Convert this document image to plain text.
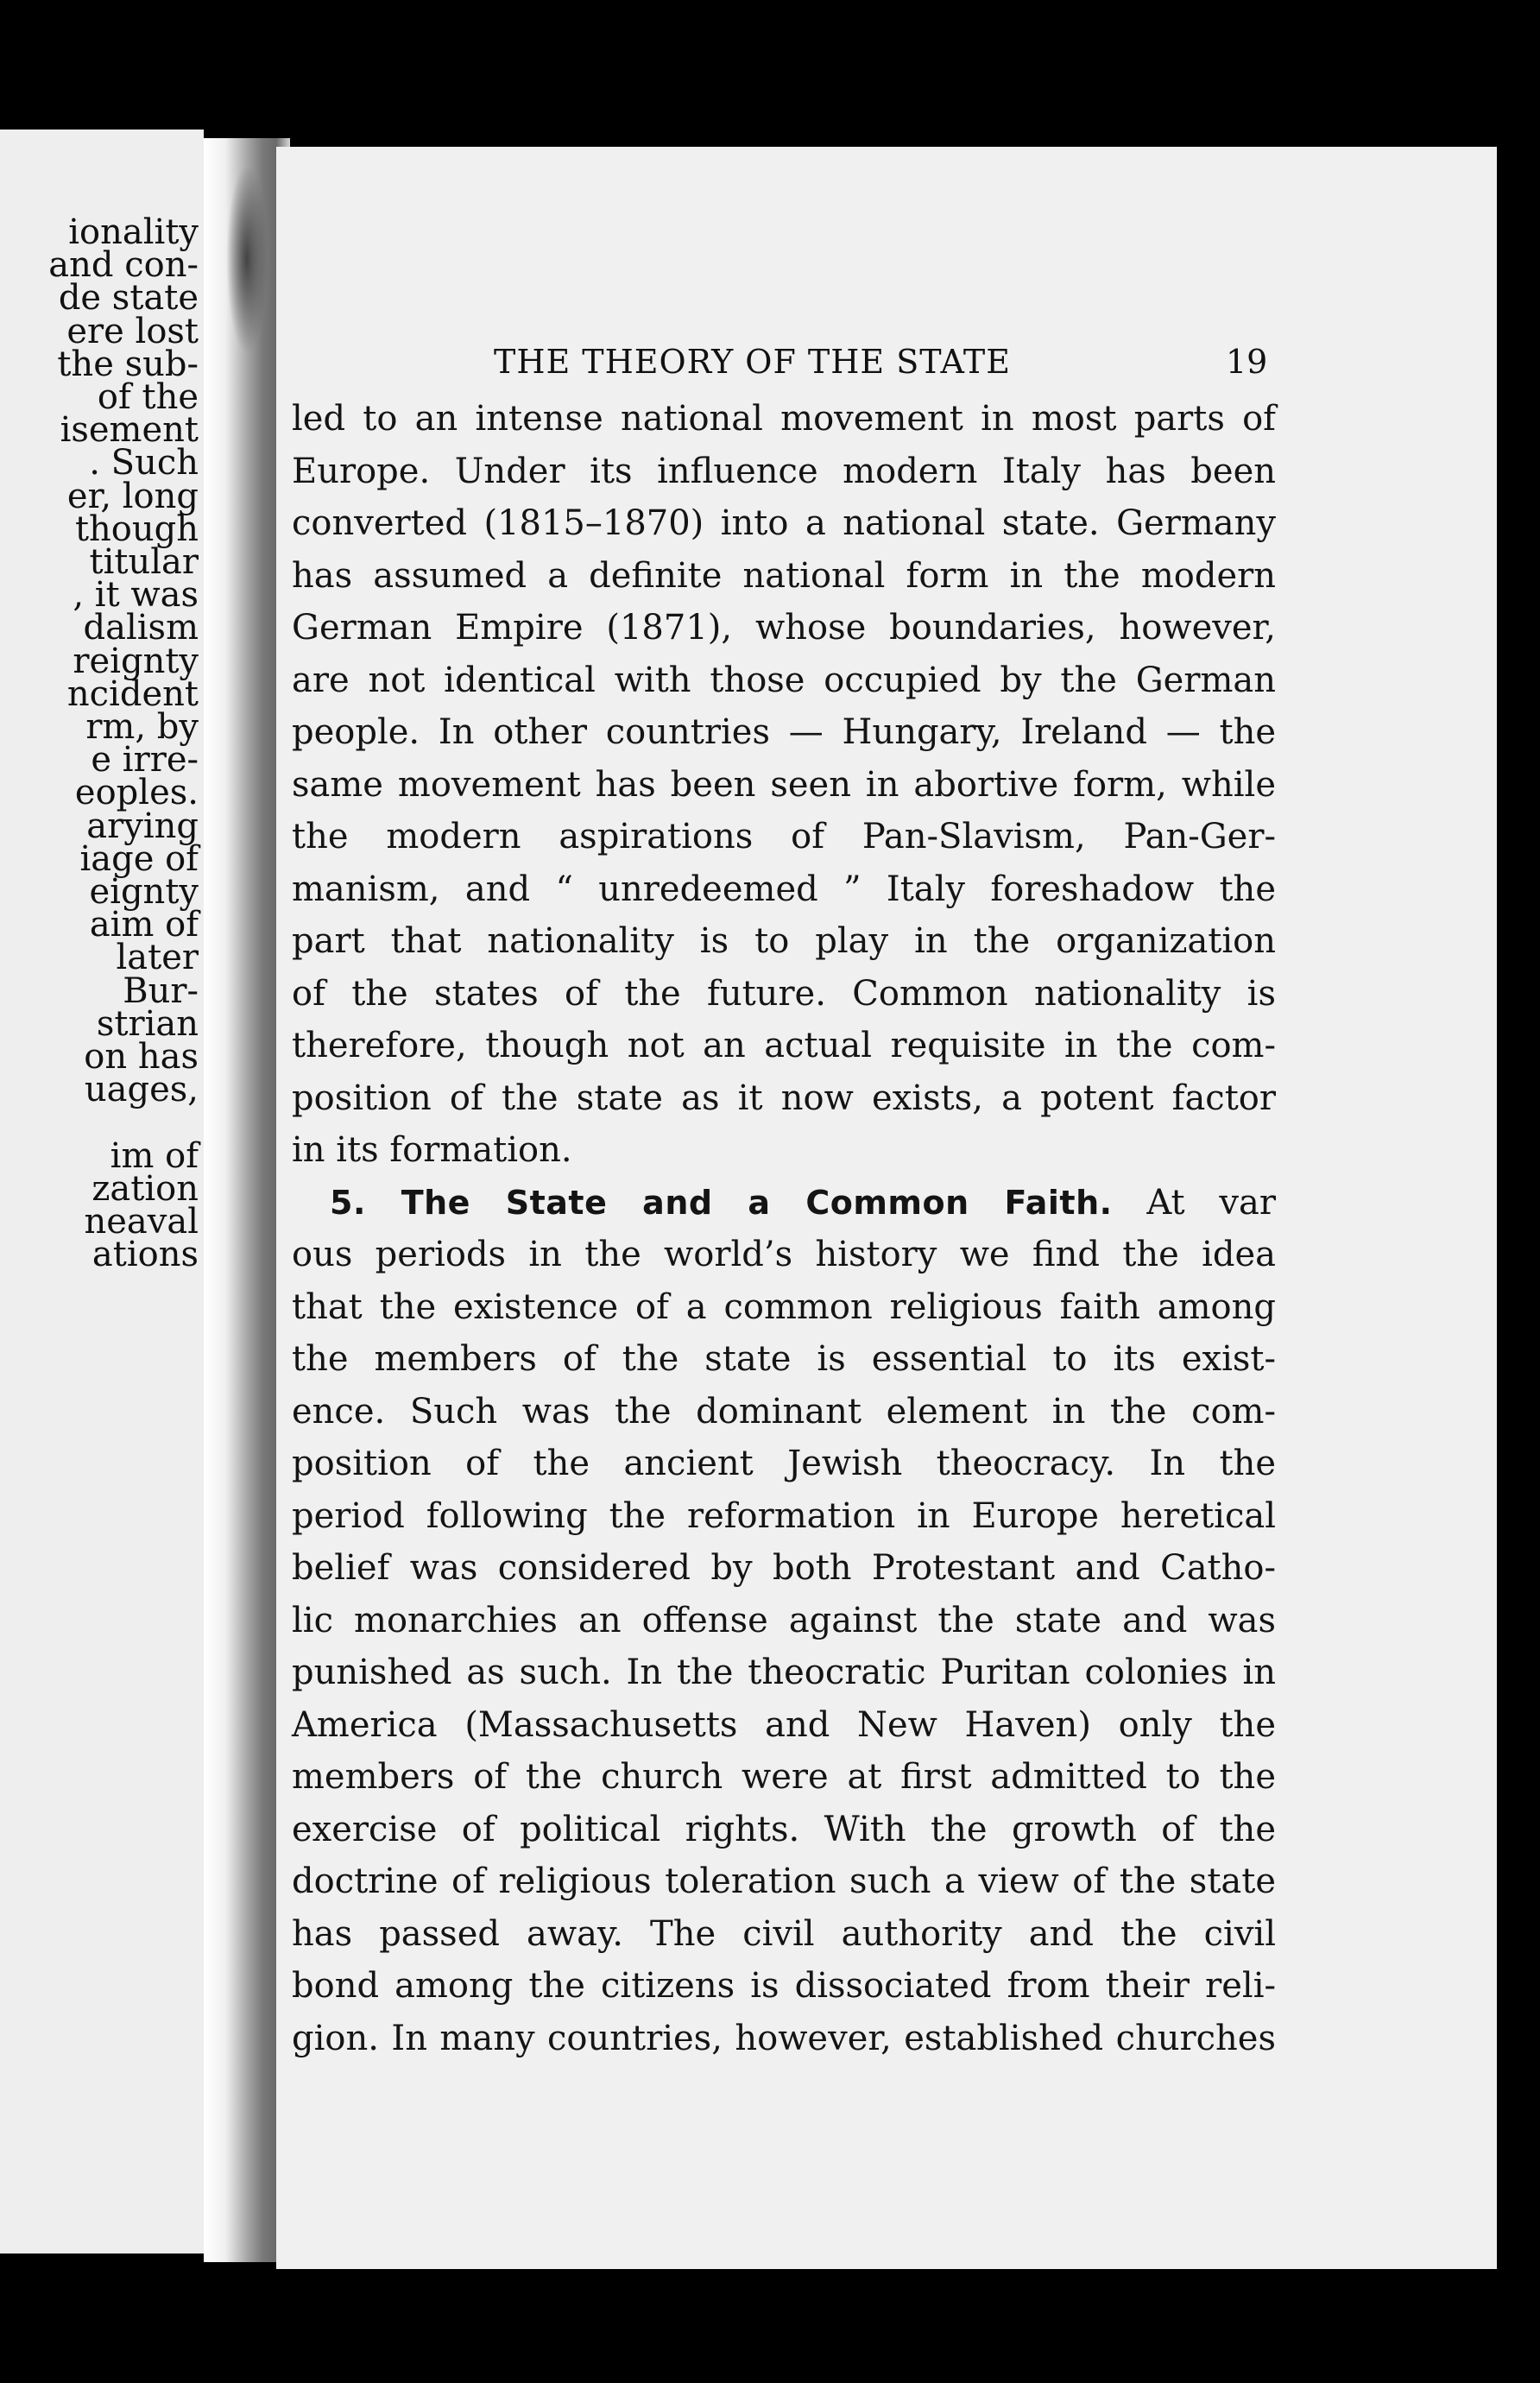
ionality

and con-

de state

ere lost

the sub-

of the

isement

. Such

er, long

though

titular

, it was

dalism

reignty

ncident

rm, by

e irre-

eoples.

arying

iage of

eignty

aim of

later

Bur-

strian

on has

uages,

im of

zation

neaval

ations

THE THEORY OF THE STATE	19

led to an intense national movement in most parts of

Europe. Under its influence modern Italy has been

converted (1815–1870) into a national state. Germany

has assumed a definite national form in the modern

German Empire (1871), whose boundaries, however,

are not identical with those occupied by the German

people. In other countries — Hungary, Ireland — the

same movement has been seen in abortive form, while

the modern aspirations of Pan-Slavism, Pan-Ger-

manism, and “ unredeemed ” Italy foreshadow the

part that nationality is to play in the organization

of the states of the future. Common nationality is

therefore, though not an actual requisite in the com-

position of the state as it now exists, a potent factor

in its formation.

5. The State and a Common Faith. At var

ous periods in the world’s history we find the idea

that the existence of a common religious faith among

the members of the state is essential to its exist-

ence. Such was the dominant element in the com-

position of the ancient Jewish theocracy. In the

period following the reformation in Europe heretical

belief was considered by both Protestant and Catho-

lic monarchies an offense against the state and was

punished as such. In the theocratic Puritan colonies in

America (Massachusetts and New Haven) only the

members of the church were at first admitted to the

exercise of political rights. With the growth of the

doctrine of religious toleration such a view of the state

has passed away. The civil authority and the civil

bond among the citizens is dissociated from their reli-

gion. In many countries, however, established churches
